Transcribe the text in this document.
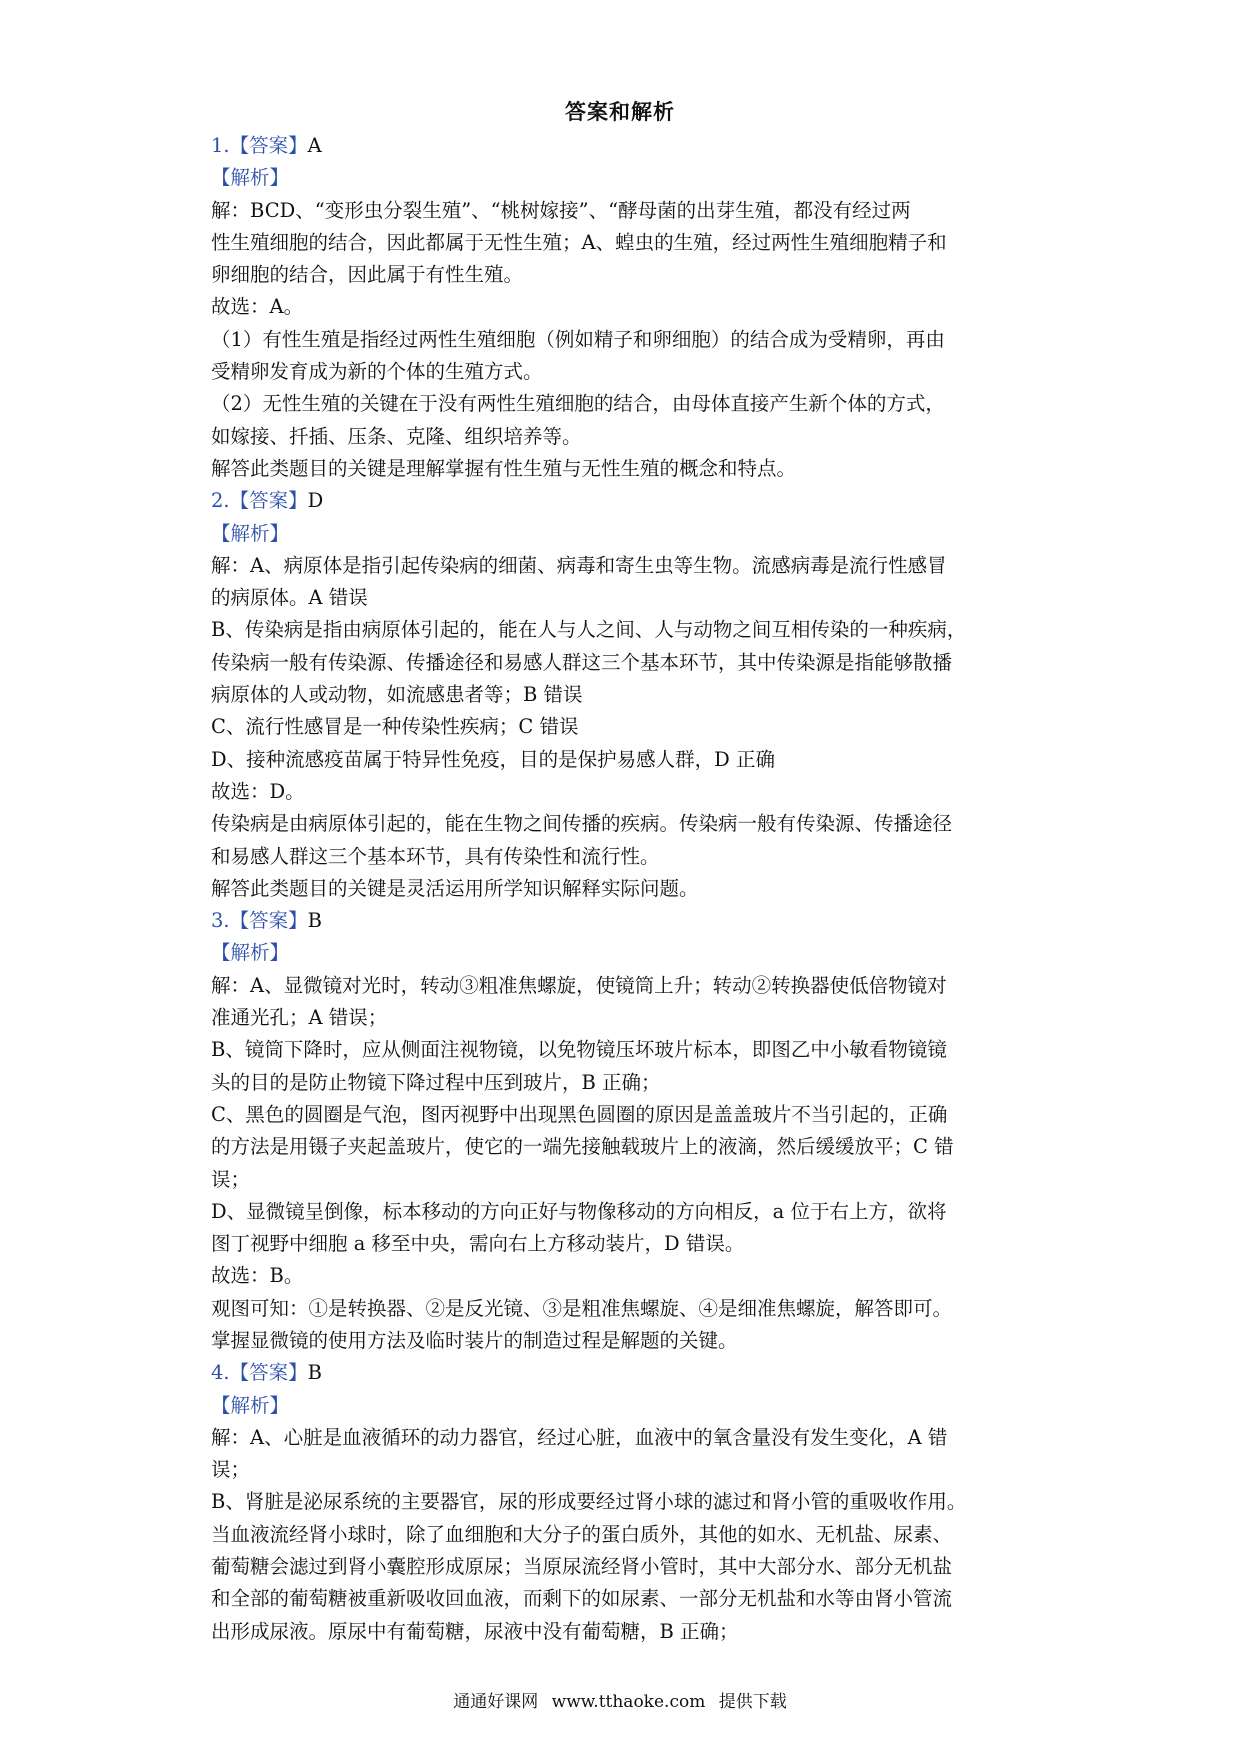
答案和解析
1.【答案】A
【解析】
解：BCD、“变形虫分裂生殖”、“桃树嫁接”、“酵母菌的出芽生殖，都没有经过两
性生殖细胞的结合，因此都属于无性生殖；A、蝗虫的生殖，经过两性生殖细胞精子和
卵细胞的结合，因此属于有性生殖。
故选：A。
（1）有性生殖是指经过两性生殖细胞（例如精子和卵细胞）的结合成为受精卵，再由
受精卵发育成为新的个体的生殖方式。
（2）无性生殖的关键在于没有两性生殖细胞的结合，由母体直接产生新个体的方式，
如嫁接、扦插、压条、克隆、组织培养等。
解答此类题目的关键是理解掌握有性生殖与无性生殖的概念和特点。
2.【答案】D
【解析】
解：A、病原体是指引起传染病的细菌、病毒和寄生虫等生物。流感病毒是流行性感冒
的病原体。A 错误
B、传染病是指由病原体引起的，能在人与人之间、人与动物之间互相传染的一种疾病，
传染病一般有传染源、传播途径和易感人群这三个基本环节，其中传染源是指能够散播
病原体的人或动物，如流感患者等；B 错误
C、流行性感冒是一种传染性疾病；C 错误
D、接种流感疫苗属于特异性免疫，目的是保护易感人群，D 正确
故选：D。
传染病是由病原体引起的，能在生物之间传播的疾病。传染病一般有传染源、传播途径
和易感人群这三个基本环节，具有传染性和流行性。
解答此类题目的关键是灵活运用所学知识解释实际问题。
3.【答案】B
【解析】
解：A、显微镜对光时，转动③粗准焦螺旋，使镜筒上升；转动②转换器使低倍物镜对
准通光孔；A 错误；
B、镜筒下降时，应从侧面注视物镜，以免物镜压坏玻片标本，即图乙中小敏看物镜镜
头的目的是防止物镜下降过程中压到玻片，B 正确；
C、黑色的圆圈是气泡，图丙视野中出现黑色圆圈的原因是盖盖玻片不当引起的，正确
的方法是用镊子夹起盖玻片，使它的一端先接触载玻片上的液滴，然后缓缓放平；C 错
误；
D、显微镜呈倒像，标本移动的方向正好与物像移动的方向相反，a 位于右上方，欲将
图丁视野中细胞 a 移至中央，需向右上方移动装片，D 错误。
故选：B。
观图可知：①是转换器、②是反光镜、③是粗准焦螺旋、④是细准焦螺旋，解答即可。
掌握显微镜的使用方法及临时装片的制造过程是解题的关键。
4.【答案】B
【解析】
解：A、心脏是血液循环的动力器官，经过心脏，血液中的氧含量没有发生变化，A 错
误；
B、肾脏是泌尿系统的主要器官，尿的形成要经过肾小球的滤过和肾小管的重吸收作用。
当血液流经肾小球时，除了血细胞和大分子的蛋白质外，其他的如水、无机盐、尿素、
葡萄糖会滤过到肾小囊腔形成原尿；当原尿流经肾小管时，其中大部分水、部分无机盐
和全部的葡萄糖被重新吸收回血液，而剩下的如尿素、一部分无机盐和水等由肾小管流
出形成尿液。原尿中有葡萄糖，尿液中没有葡萄糖，B 正确；
通通好课网 www.tthaoke.com 提供下载
